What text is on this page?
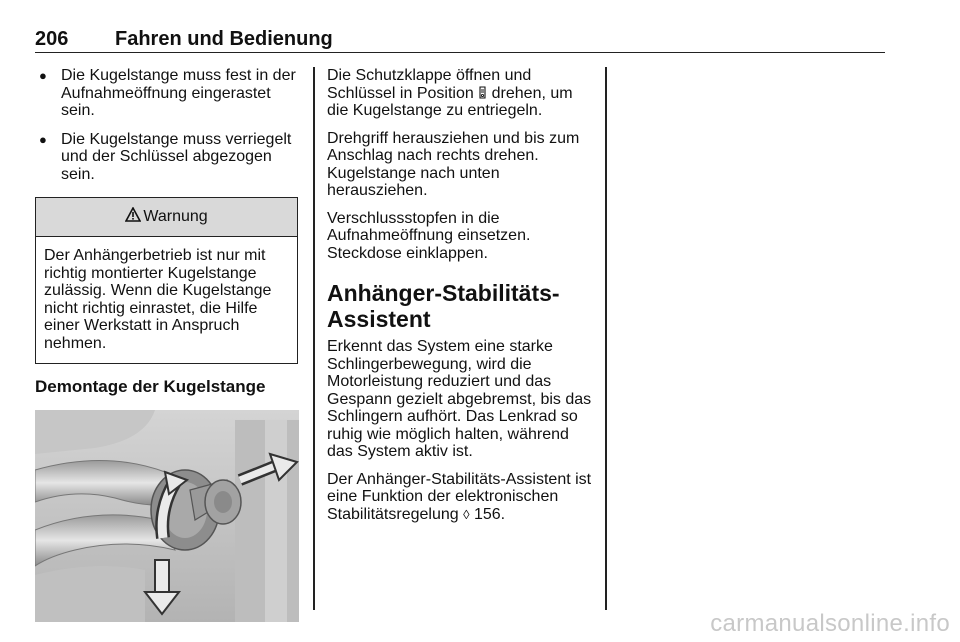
206 Fahren und Bedienung
● Die Kugelstange muss fest in der Aufnahmeöffnung eingerastet sein.
● Die Kugelstange muss verriegelt und der Schlüssel abgezogen sein.
Warnung
Der Anhängerbetrieb ist nur mit richtig montierter Kugelstange zulässig. Wenn die Kugelstange nicht richtig einrastet, die Hilfe einer Werkstatt in Anspruch nehmen.
Demontage der Kugelstange

Die Schutzklappe öffnen und Schlüssel in Position drehen, um die Kugelstange zu entriegeln.

Drehgriff herausziehen und bis zum Anschlag nach rechts drehen. Kugelstange nach unten herausziehen.

Verschlussstopfen in die Aufnahmeöffnung einsetzen. Steckdose einklappen.

Anhänger-Stabilitäts-Assistent

Erkennt das System eine starke Schlingerbewegung, wird die Motorleistung reduziert und das Gespann gezielt abgebremst, bis das Schlingern aufhört. Das Lenkrad so ruhig wie möglich halten, während das System aktiv ist.

Der Anhänger-Stabilitäts-Assistent ist eine Funktion der elektronischen Stabilitätsregelung ◊ 156.

carmanualsonline.info
